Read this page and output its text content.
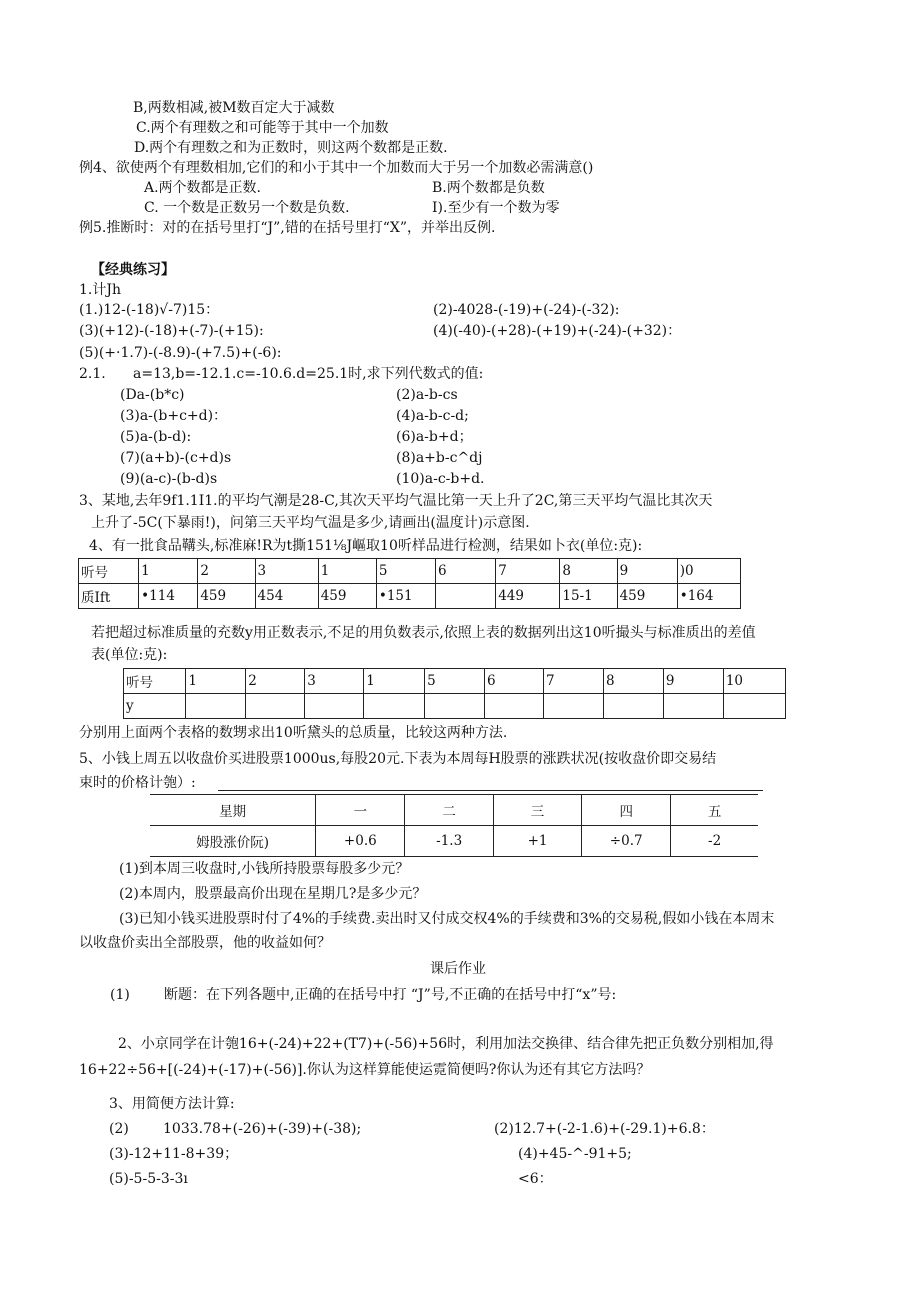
B,两数相减,被M数百定大于减数
C.两个有理数之和可能等于其中一个加数
D.两个有理数之和为正数时，则这两个数都是正数.
例4、欲使两个有理数相加,它们的和小于其中一个加数而大于另一个加数必需满意()
A.两个数都是正数.	B.两个数都是负数
C. 一个数是正数另一个数是负数.	I).至少有一个数为零
例5.推断时：对的在括号里打“J”,错的在括号里打“X”，并举出反例.
【经典练习】
1.计Jh
(1.)12-(-18)√-7)15：	(2)-4028-(-19)+(-24)-(-32):
(3)(+12)-(-18)+(-7)-(+15):	(4)(-40)-(+28)-(+19)+(-24)-(+32)：
(5)(+·1.7)-(-8.9)-(+7.5)+(-6):
2.1. a=13,b=-12.1.c=-10.6.d=25.1时,求下列代数式的值:
(Da-(b*c)	(2)a-b-cs
(3)a-(b+c+d)：	(4)a-b-c-d;
(5)a-(b-d):	(6)a-b+d；
(7)(a+b)-(c+d)s	(8)a+b-c^dj
(9)(a-c)-(b-d)s	(10)a-c-b+d.
3、某地,去年9f1.1I1.的平均气潮是28-C,其次天平均气温比第一天上升了2C,第三天平均气温比其次天
上升了-5C(下暴雨!)，问第三天平均气温是多少,请画出(温度计)示意图.
4、有一批食品鞲头,标准麻!R为t撕151⅛J嶇取10听样品进行检测，结果如卜衣(单位:克):
听号	1	2	3	1	5	6	7	8	9	)0
质Ift	•114	459	454	459	•151		449	15-1	459	•164
若把超过标准质量的充数y用正数表示,不足的用负数表示,依照上表的数据列出这10听撮头与标准质出的差值
表(单位:克):
听号	1	2	3	1	5	6	7	8	9	10
y										
分别用上面两个表格的数甥求出10听黛头的总质量，比较这两种方法.
5、小钱上周五以收盘价买进股票1000us,每股20元.下表为本周每H股票的涨跌状况(按收盘价即交易结
束时的价格计匏）:
星期	一	二	三	四	五
姆股涨价阮)	+0.6	-1.3	+1	÷0.7	-2
(1)到本周三收盘时,小钱所持股票每股多少元？
(2)本周内，股票最高价出现在星期几?是多少元？
(3)已知小钱买进股票时付了4%的手续费.卖出时又付成交权4%的手续费和3%的交易税,假如小钱在本周末
以收盘价卖出全部股票，他的收益如何？
课后作业
(1) 断题：在下列各题中,正确的在括号中打 “J”号,不正确的在括号中打“x”号:
2、小京同学在计匏16+(-24)+22+(T7)+(-56)+56时，利用加法交换律、结合律先把正负数分别相加,得
16+22÷56+[(-24)+(-17)+(-56)].你认为这样算能使运霓简便吗?你认为还有其它方法吗？
3、用简便方法计算:
(2) 1033.78+(-26)+(-39)+(-38);	(2)12.7+(-2-1.6)+(-29.1)+6.8：
(3)-12+11-8+39；	(4)+45-^-91+5;
(5)-5-5-3-3ı	<6：
